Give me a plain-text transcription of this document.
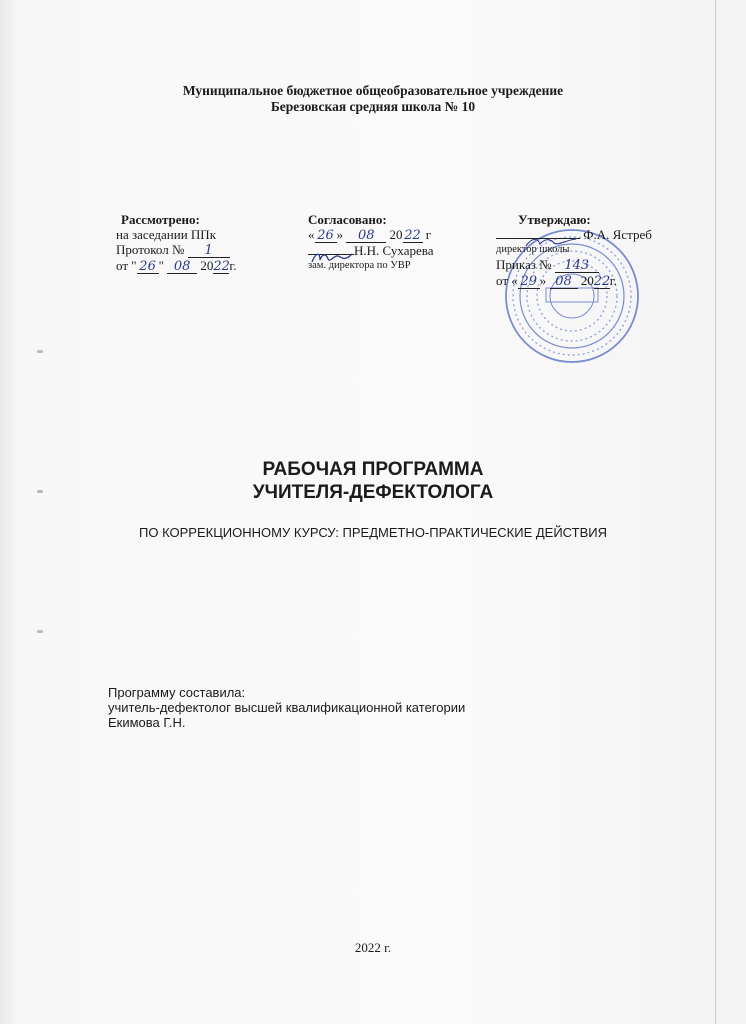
Муниципальное бюджетное общеобразовательное учреждение
Березовская средняя школа № 10
Рассмотрено:
на заседании ППк
Протокол № 1
от " 26 " 08 2022г.
Согласовано:
« 26 » 08 20 22 г
Н.Н. Сухарева
зам. директора по УВР
Утверждаю:
Ф.А. Ястреб
директор школы
Приказ № 143
от « 29 » 08 2022г.
РАБОЧАЯ ПРОГРАММА
УЧИТЕЛЯ-ДЕФЕКТОЛОГА
ПО КОРРЕКЦИОННОМУ КУРСУ: ПРЕДМЕТНО-ПРАКТИЧЕСКИЕ ДЕЙСТВИЯ
Программу составила:
учитель-дефектолог высшей квалификационной категории
Екимова Г.Н.
2022 г.
